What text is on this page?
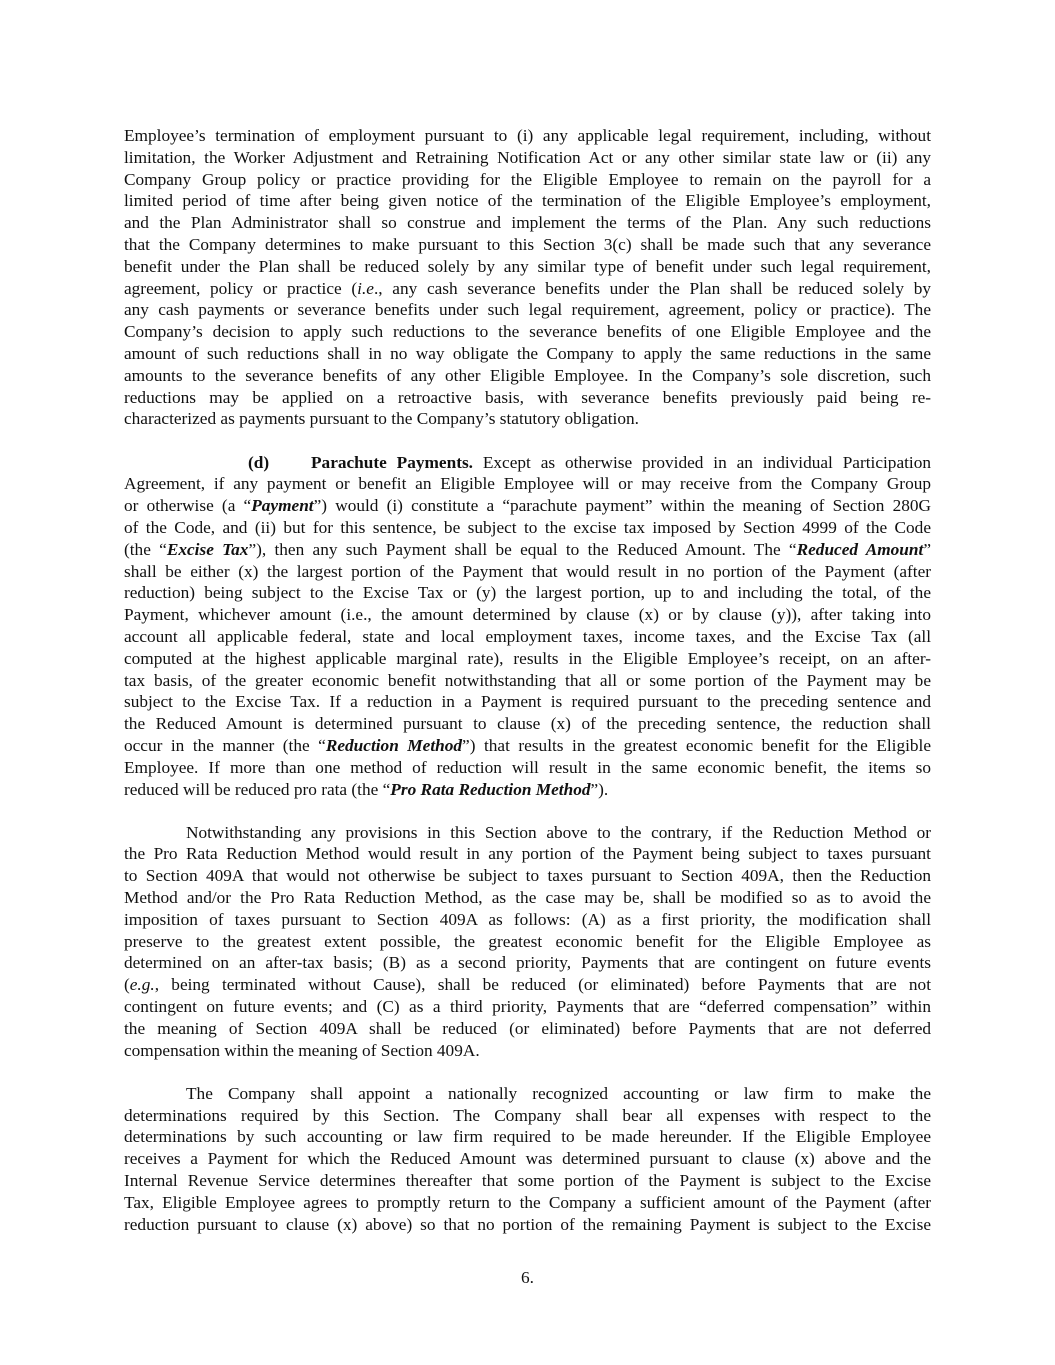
Employee’s termination of employment pursuant to (i) any applicable legal requirement, including, without
limitation, the Worker Adjustment and Retraining Notification Act or any other similar state law or (ii) any
Company Group policy or practice providing for the Eligible Employee to remain on the payroll for a
limited period of time after being given notice of the termination of the Eligible Employee’s employment,
and the Plan Administrator shall so construe and implement the terms of the Plan. Any such reductions
that the Company determines to make pursuant to this Section 3(c) shall be made such that any severance
benefit under the Plan shall be reduced solely by any similar type of benefit under such legal requirement,
agreement, policy or practice (i.e., any cash severance benefits under the Plan shall be reduced solely by
any cash payments or severance benefits under such legal requirement, agreement, policy or practice). The
Company’s decision to apply such reductions to the severance benefits of one Eligible Employee and the
amount of such reductions shall in no way obligate the Company to apply the same reductions in the same
amounts to the severance benefits of any other Eligible Employee. In the Company’s sole discretion, such
reductions may be applied on a retroactive basis, with severance benefits previously paid being re-
characterized as payments pursuant to the Company’s statutory obligation.
(d) Parachute Payments. Except as otherwise provided in an individual Participation
Agreement, if any payment or benefit an Eligible Employee will or may receive from the Company Group
or otherwise (a “Payment”) would (i) constitute a “parachute payment” within the meaning of Section 280G
of the Code, and (ii) but for this sentence, be subject to the excise tax imposed by Section 4999 of the Code
(the “Excise Tax”), then any such Payment shall be equal to the Reduced Amount. The “Reduced Amount”
shall be either (x) the largest portion of the Payment that would result in no portion of the Payment (after
reduction) being subject to the Excise Tax or (y) the largest portion, up to and including the total, of the
Payment, whichever amount (i.e., the amount determined by clause (x) or by clause (y)), after taking into
account all applicable federal, state and local employment taxes, income taxes, and the Excise Tax (all
computed at the highest applicable marginal rate), results in the Eligible Employee’s receipt, on an after-
tax basis, of the greater economic benefit notwithstanding that all or some portion of the Payment may be
subject to the Excise Tax. If a reduction in a Payment is required pursuant to the preceding sentence and
the Reduced Amount is determined pursuant to clause (x) of the preceding sentence, the reduction shall
occur in the manner (the “Reduction Method”) that results in the greatest economic benefit for the Eligible
Employee. If more than one method of reduction will result in the same economic benefit, the items so
reduced will be reduced pro rata (the “Pro Rata Reduction Method”).
Notwithstanding any provisions in this Section above to the contrary, if the Reduction Method or
the Pro Rata Reduction Method would result in any portion of the Payment being subject to taxes pursuant
to Section 409A that would not otherwise be subject to taxes pursuant to Section 409A, then the Reduction
Method and/or the Pro Rata Reduction Method, as the case may be, shall be modified so as to avoid the
imposition of taxes pursuant to Section 409A as follows: (A) as a first priority, the modification shall
preserve to the greatest extent possible, the greatest economic benefit for the Eligible Employee as
determined on an after-tax basis; (B) as a second priority, Payments that are contingent on future events
(e.g., being terminated without Cause), shall be reduced (or eliminated) before Payments that are not
contingent on future events; and (C) as a third priority, Payments that are “deferred compensation” within
the meaning of Section 409A shall be reduced (or eliminated) before Payments that are not deferred
compensation within the meaning of Section 409A.
The Company shall appoint a nationally recognized accounting or law firm to make the
determinations required by this Section. The Company shall bear all expenses with respect to the
determinations by such accounting or law firm required to be made hereunder. If the Eligible Employee
receives a Payment for which the Reduced Amount was determined pursuant to clause (x) above and the
Internal Revenue Service determines thereafter that some portion of the Payment is subject to the Excise
Tax, Eligible Employee agrees to promptly return to the Company a sufficient amount of the Payment (after
reduction pursuant to clause (x) above) so that no portion of the remaining Payment is subject to the Excise
6.
